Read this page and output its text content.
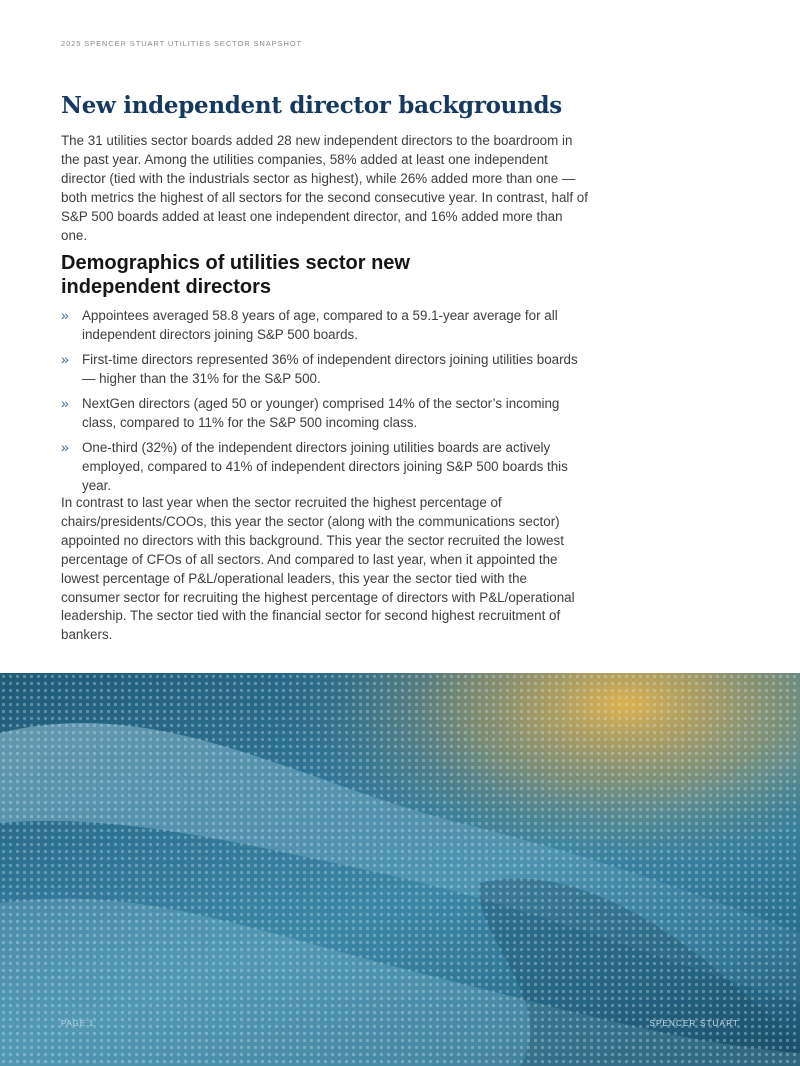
2025 SPENCER STUART UTILITIES SECTOR SNAPSHOT
New independent director backgrounds

The 31 utilities sector boards added 28 new independent directors to the boardroom in the past year. Among the utilities companies, 58% added at least one independent director (tied with the industrials sector as highest), while 26% added more than one — both metrics the highest of all sectors for the second consecutive year. In contrast, half of S&P 500 boards added at least one independent director, and 16% added more than one.

Demographics of utilities sector new independent directors
» Appointees averaged 58.8 years of age, compared to a 59.1-year average for all independent directors joining S&P 500 boards.
» First-time directors represented 36% of independent directors joining utilities boards — higher than the 31% for the S&P 500.
» NextGen directors (aged 50 or younger) comprised 14% of the sector’s incoming class, compared to 11% for the S&P 500 incoming class.
» One-third (32%) of the independent directors joining utilities boards are actively employed, compared to 41% of independent directors joining S&P 500 boards this year.

In contrast to last year when the sector recruited the highest percentage of chairs/presidents/COOs, this year the sector (along with the communications sector) appointed no directors with this background. This year the sector recruited the lowest percentage of CFOs of all sectors. And compared to last year, when it appointed the lowest percentage of P&L/operational leaders, this year the sector tied with the consumer sector for recruiting the highest percentage of directors with P&L/operational leadership. The sector tied with the financial sector for second highest recruitment of bankers.

PAGE 1	SPENCER STUART
